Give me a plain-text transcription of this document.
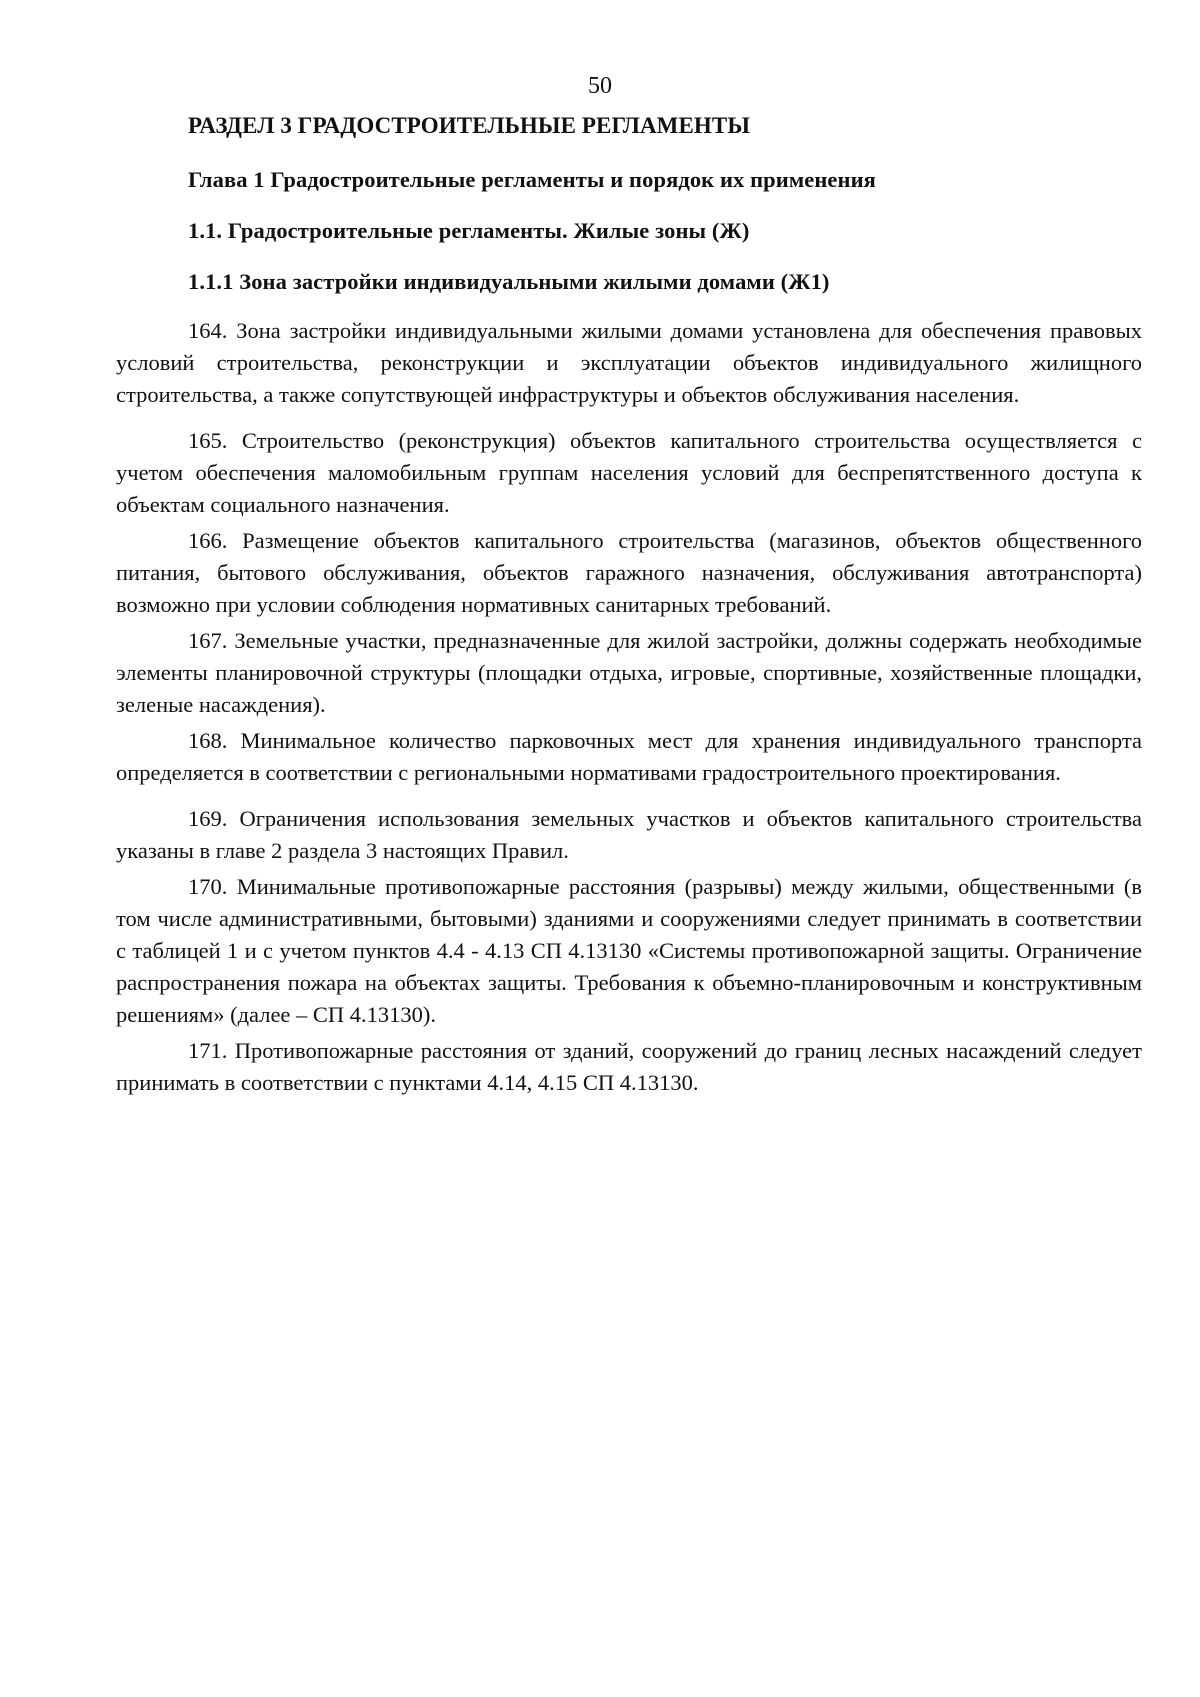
50
РАЗДЕЛ 3 ГРАДОСТРОИТЕЛЬНЫЕ РЕГЛАМЕНТЫ
Глава 1 Градостроительные регламенты и порядок их применения
1.1. Градостроительные регламенты. Жилые зоны (Ж)
1.1.1 Зона застройки индивидуальными жилыми домами (Ж1)

164. Зона застройки индивидуальными жилыми домами установлена для обеспечения правовых условий строительства, реконструкции и эксплуатации объектов индивидуального жилищного строительства, а также сопутствующей инфраструктуры и объектов обслуживания населения.

165. Строительство (реконструкция) объектов капитального строительства осуществляется с учетом обеспечения маломобильным группам населения условий для беспрепятственного доступа к объектам социального назначения.

166. Размещение объектов капитального строительства (магазинов, объектов общественного питания, бытового обслуживания, объектов гаражного назначения, обслуживания автотранспорта) возможно при условии соблюдения нормативных санитарных требований.

167. Земельные участки, предназначенные для жилой застройки, должны содержать необходимые элементы планировочной структуры (площадки отдыха, игровые, спортивные, хозяйственные площадки, зеленые насаждения).

168. Минимальное количество парковочных мест для хранения индивидуального транспорта определяется в соответствии с региональными нормативами градостроительного проектирования.

169. Ограничения использования земельных участков и объектов капитального строительства указаны в главе 2 раздела 3 настоящих Правил.

170. Минимальные противопожарные расстояния (разрывы) между жилыми, общественными (в том числе административными, бытовыми) зданиями и сооружениями следует принимать в соответствии с таблицей 1 и с учетом пунктов 4.4 - 4.13 СП 4.13130 «Системы противопожарной защиты. Ограничение распространения пожара на объектах защиты. Требования к объемно-планировочным и конструктивным решениям» (далее – СП 4.13130).

171. Противопожарные расстояния от зданий, сооружений до границ лесных насаждений следует принимать в соответствии с пунктами 4.14, 4.15 СП 4.13130.
